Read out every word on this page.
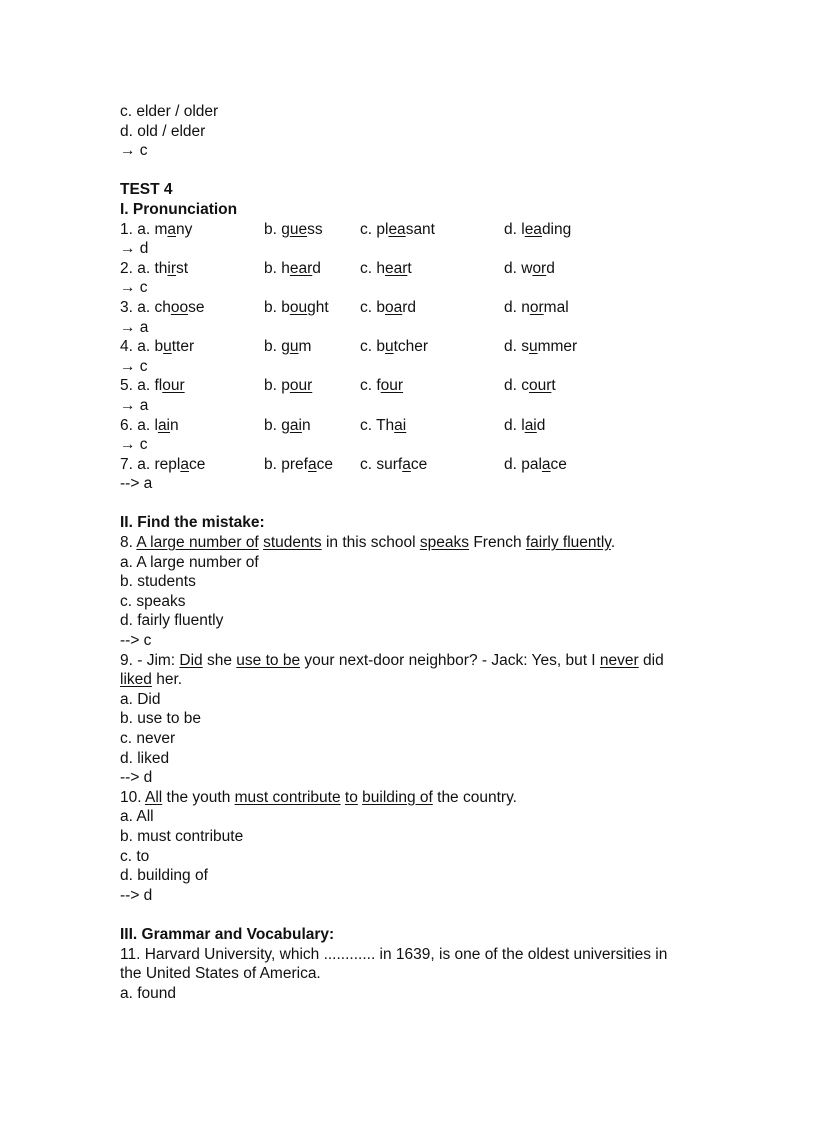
c. elder / older
d. old / elder
→ c
TEST 4
I. Pronunciation
1. a. many	b. guess	c. pleasant	d. leading
→ d
2. a. thirst	b. heard	c. heart	d. word
→ c
3. a. choose	b. bought	c. board	d. normal
→ a
4. a. butter	b. gum	c. butcher	d. summer
→ c
5. a. flour	b. pour	c. four	d. court
→ a
6. a. lain	b. gain	c. Thai	d. laid
→ c
7. a. replace	b. preface	c. surface	d. palace
--> a
II. Find the mistake:
8. A large number of students in this school speaks French fairly fluently.
a. A large number of
b. students
c. speaks
d. fairly fluently
--> c
9. - Jim: Did she use to be your next-door neighbor? - Jack: Yes, but I never did
liked her.
a. Did
b. use to be
c. never
d. liked
--> d
10. All the youth must contribute to building of the country.
a. All
b. must contribute
c. to
d. building of
--> d
III. Grammar and Vocabulary:
11. Harvard University, which ............ in 1639, is one of the oldest universities in
the United States of America.
a. found
